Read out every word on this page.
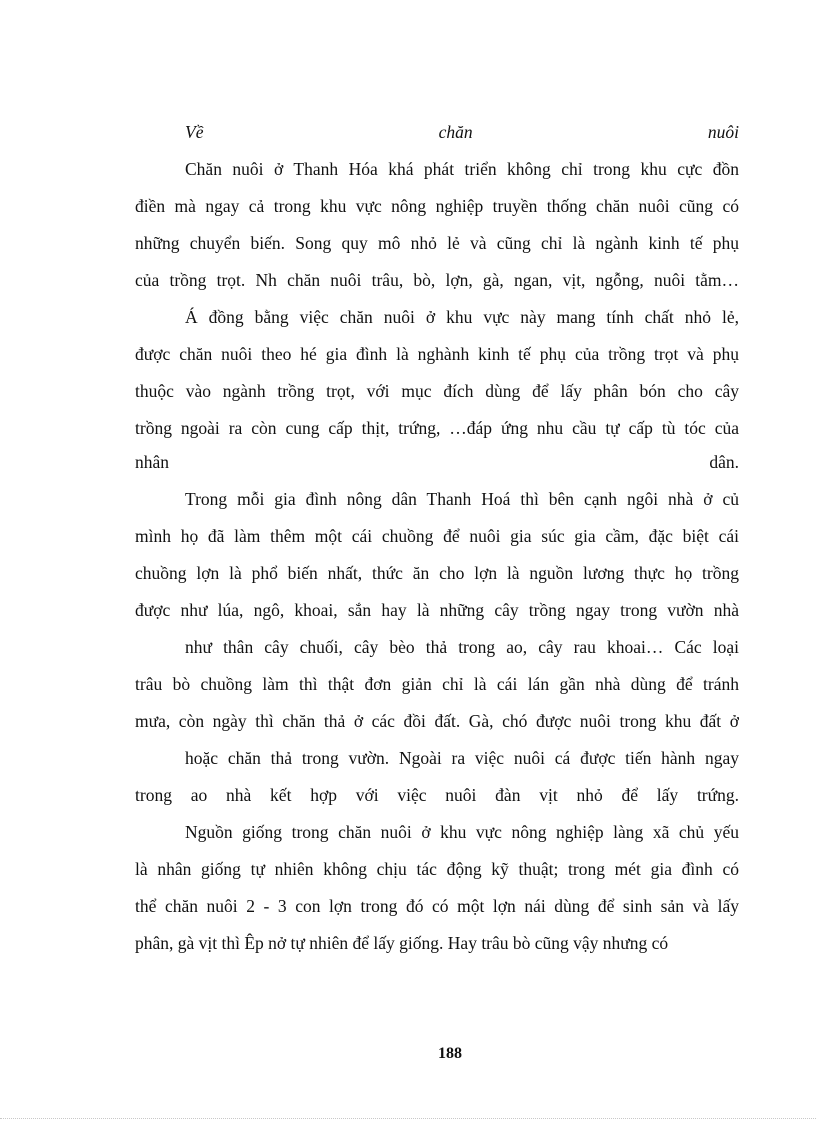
Về chăn nuôi
Chăn nuôi ở Thanh Hóa khá phát triển không chỉ trong khu cực đồn
điền mà ngay cả trong khu vực nông nghiệp truyền thống chăn nuôi cũng có
những chuyển biến. Song quy mô nhỏ lẻ và cũng chỉ là ngành kinh tế phụ
của trồng trọt. Nh chăn nuôi trâu, bò, lợn, gà, ngan, vịt, ngỗng, nuôi tằm…
Á đồng bằng việc chăn nuôi ở khu vực này mang tính chất nhỏ lẻ,
được chăn nuôi theo hé gia đình là nghành kinh tế phụ của trồng trọt và phụ
thuộc vào ngành trồng trọt, với mục đích dùng để lấy phân bón cho cây
trồng ngoài ra còn cung cấp thịt, trứng, …đáp ứng nhu cầu tự cấp tù tóc của
nhân dân.
Trong mỗi gia đình nông dân Thanh Hoá thì bên cạnh ngôi nhà ở củ
mình họ đã làm thêm một cái chuồng để nuôi gia súc gia cầm, đặc biệt cái
chuồng lợn là phổ biến nhất, thức ăn cho lợn là nguồn lương thực họ trồng
được như lúa, ngô, khoai, sắn hay là những cây trồng ngay trong vườn nhà
như thân cây chuối, cây bèo thả trong ao, cây rau khoai… Các loại
trâu bò chuồng làm thì thật đơn giản chỉ là cái lán gần nhà dùng để tránh
mưa, còn ngày thì chăn thả ở các đồi đất. Gà, chó được nuôi trong khu đất ở
hoặc chăn thả trong vườn. Ngoài ra việc nuôi cá được tiến hành ngay
trong ao nhà kết hợp với việc nuôi đàn vịt nhỏ để lấy trứng.
Nguồn giống trong chăn nuôi ở khu vực nông nghiệp làng xã chủ yếu
là nhân giống tự nhiên không chịu tác động kỹ thuật; trong mét gia đình có
thể chăn nuôi 2 - 3 con lợn trong đó có một lợn nái dùng để sinh sản và lấy
phân, gà vịt thì Êp nở tự nhiên để lấy giống. Hay trâu bò cũng vậy nhưng có
188
